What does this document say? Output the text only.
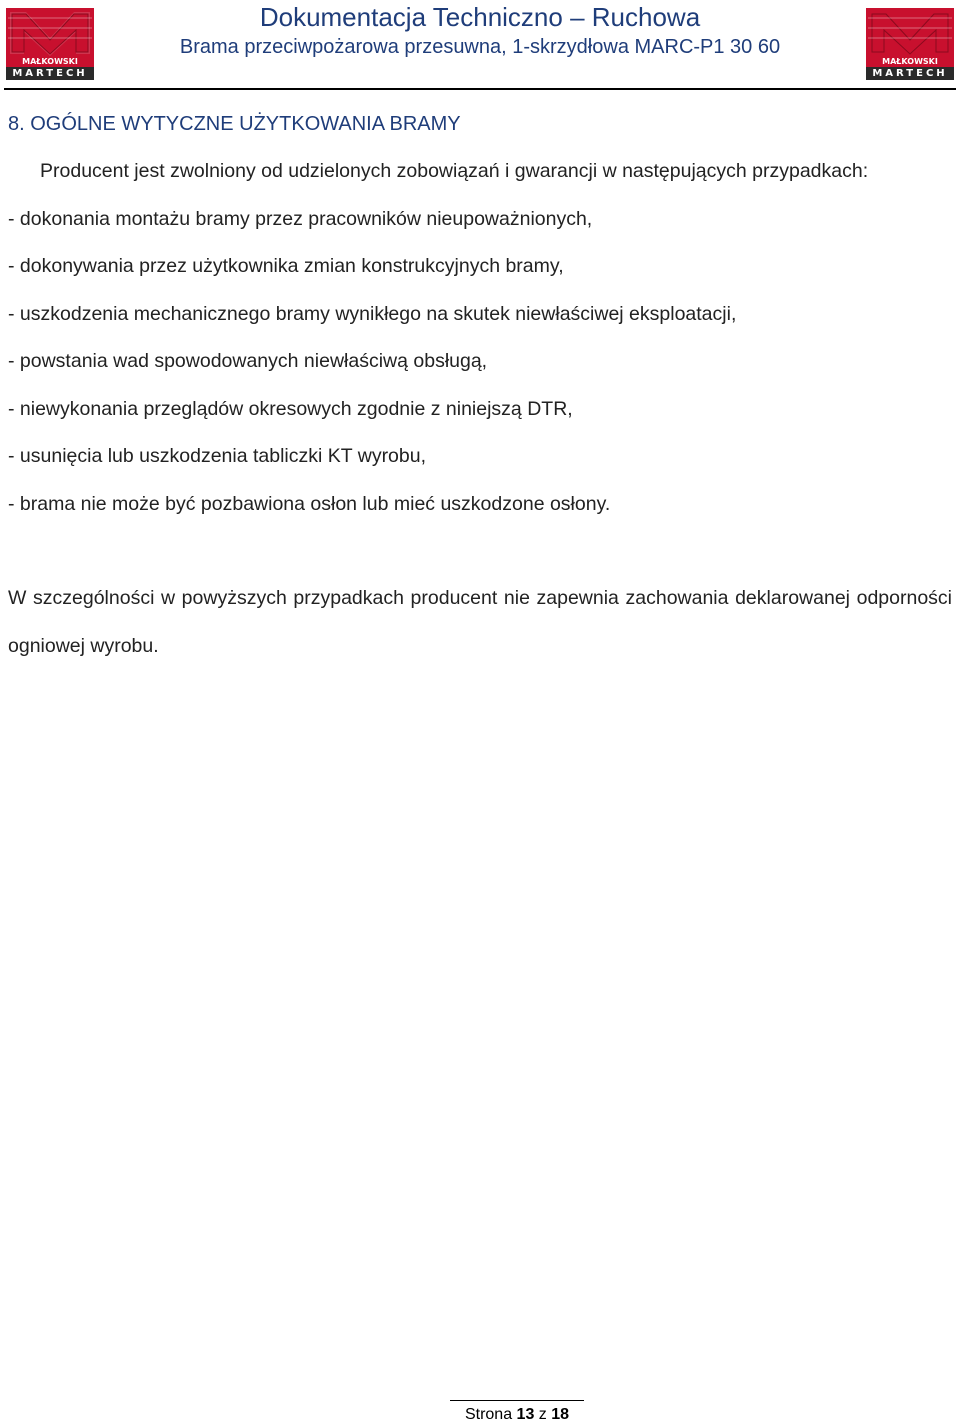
MAŁKOWSKI
MARTECH
Dokumentacja Techniczno – Ruchowa
Brama przeciwpożarowa przesuwna, 1-skrzydłowa MARC-P1 30 60
MAŁKOWSKI
MARTECH
8. OGÓLNE WYTYCZNE UŻYTKOWANIA BRAMY

Producent jest zwolniony od udzielonych zobowiązań i gwarancji w następujących przypadkach:

- dokonania montażu bramy przez pracowników nieupoważnionych,

- dokonywania przez użytkownika zmian konstrukcyjnych bramy,

- uszkodzenia mechanicznego bramy wynikłego na skutek niewłaściwej eksploatacji,

- powstania wad spowodowanych niewłaściwą obsługą,

- niewykonania przeglądów okresowych zgodnie z niniejszą DTR,

- usunięcia lub uszkodzenia tabliczki KT wyrobu,

- brama nie może być pozbawiona osłon lub mieć uszkodzone osłony.

W szczególności w powyższych przypadkach producent nie zapewnia zachowania deklarowanej odporności ogniowej wyrobu.

Strona 13 z 18
